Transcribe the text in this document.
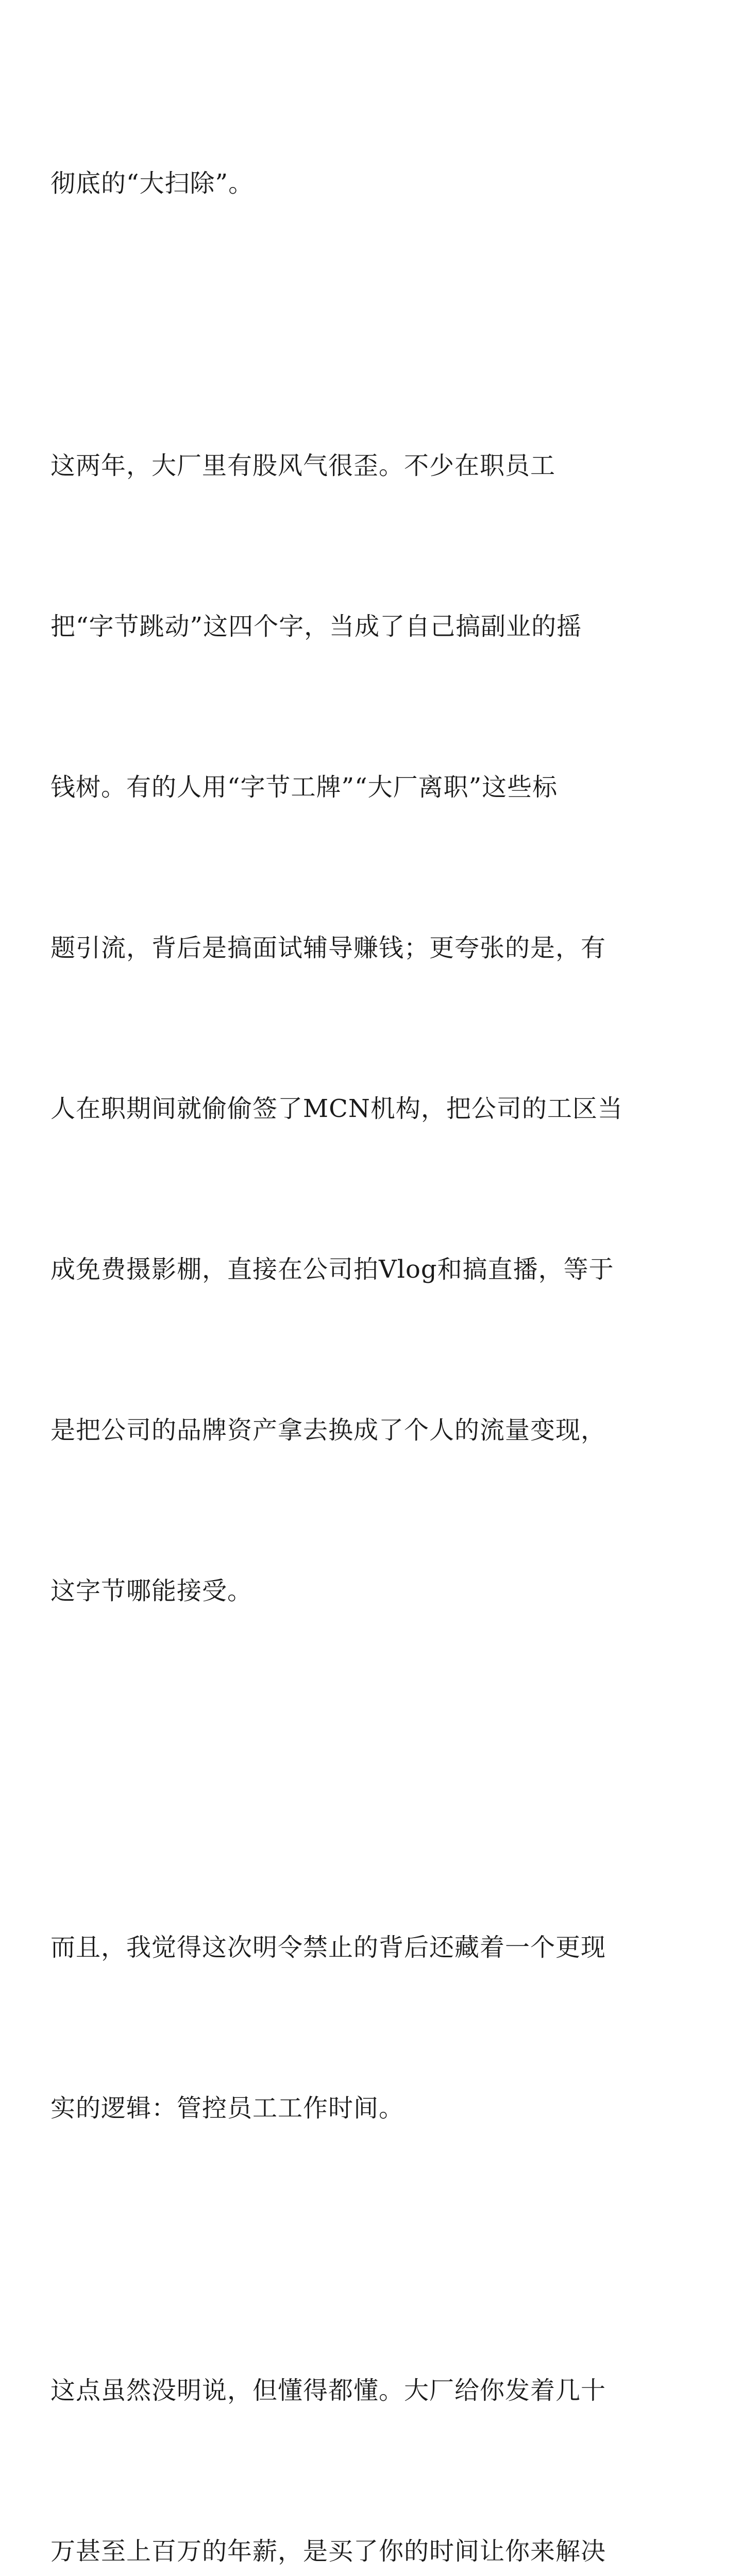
彻底的“大扫除”。

这两年，大厂里有股风气很歪。不少在职员工

把“字节跳动”这四个字，当成了自己搞副业的摇

钱树。有的人用“字节工牌”“大厂离职”这些标

题引流，背后是搞面试辅导赚钱；更夸张的是，有

人在职期间就偷偷签了MCN机构，把公司的工区当

成免费摄影棚，直接在公司拍Vlog和搞直播，等于

是把公司的品牌资产拿去换成了个人的流量变现，

这字节哪能接受。

而且，我觉得这次明令禁止的背后还藏着一个更现

实的逻辑：管控员工工作时间。

这点虽然没明说，但懂得都懂。大厂给你发着几十

万甚至上百万的年薪，是买了你的时间让你来解决
